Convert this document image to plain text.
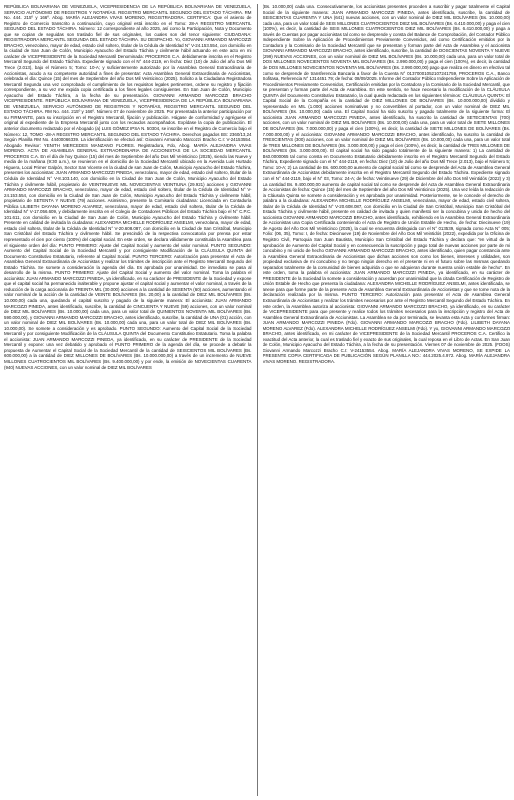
REPÚBLICA BOLIVARIANA DE VENEZUELA, VICEPRESIDENCIA DE LA REPÚBLICA BOLIVARIANA DE VENEZUELA, SERVICIO AUTÓNOMO DE REGISTROS Y NOTARÍAS. REGISTRO MERCANTIL SEGUNDO DEL ESTADO TÁCHIRA. RM No. 444. 215º y 166º. Abog. MARÍA ALEJANDRA VIVAS MORENO, REGISTRADORA. CERTIFICA: Que el asiento de Registro de Comercio transcrito a continuación, cuyo original está inscrito en el Tomo: 28-A REGISTRO MERCANTIL SEGUNDO DEL ESTADO TÁCHIRA. Número: 12 correspondiente al año 2025, así como la Participación, Nota y Documento que se copian de seguidas son traslado fiel de sus originales, los cuales son del tenor siguiente: CIUDADANA: REGISTRADORA MERCANTIL SEGUNDA DEL ESTADO TÁCHIRA. SU DESPACHO. Yo, GIOVANNI ARMANDO MARCOZZI BRACHO, venezolano, mayor de edad, estado civil soltero, titular de la Cédula de Identidad N° V-24.153.554, con domicilio en la ciudad de San Juan de Colón, Municipio Ayacucho del Estado Táchira y civilmente hábil actuando en este acto en mi carácter de VICEPRESIDENTE de la Sociedad Mercantil Denominada: PROCEROS C.A. debidamente inscrita en el Registro Mercantil Segundo del Estado Táchira. Expediente signado con el N° 444-2119, en fecha: Diez (10) de Julio del año Dos Mil Trece (2.013), bajo el Número 5; Tomo: 10-A; y suficientemente autorizado por la Asamblea General Extraordinaria de Accionistas, acudo a su competente autoridad a fines de presentar: Acta Asamblea General Extraordinaria de Accionistas, celebrada el día: Quince (15) del mes de Septiembre del año Dos Mil Veinticinco (2025). Solicito a la Ciudadana Registradora Mercantil Segunda una vez comprobado el cumplimiento de los requisitos legales pertinentes, ordene su registro y fijación correspondiente, a su vez me expida copia certificada a los fines legales consiguientes. En San Juan de Colón, Municipio Ayacucho del Estado Táchira, a la fecha de su presentación. GIOVANNI ARMANDO MARCOZZI BRACHO VICEPRESIDENTE. REPÚBLICA BOLIVARIANA DE VENEZUELA, VICEPRESIDENCIA DE LA REPÚBLICA BOLIVARIANA DE VENEZUELA, SERVICIO AUTÓNOMO DE REGISTROS Y NOTARÍAS, REGISTRO MERCANTIL SEGUNDO DEL ESTADO TÁCHIRA. RM No. 444. 215º y 166º. Número 07 de noviembre de 2025. Por presentada la anterior participación por su FIRMANTE, para su inscripción en el Registro Mercantil, fijación y publicación. Hágase de conformidad y agréguese el original al expediente de la Empresa Mercantil junto con los recaudos acompañados. Expídase la copia de publicación. El anterior documento redactado por el Abogado (a) LUIS GÓMEZ IPSA N. 50304, se inscribe en el Registro de Comercio bajo el Número: 12, TOMO -28-A REGISTRO MERCANTIL SEGUNDO DEL ESTADO TÁCHIRA. Derechos pagados BS: 2360/13,24 Según Planilla RM No. 44400066339. La identificación se efectuó así: Giovanni Armando Marcozzi Bracho C.I: V-24153554. Abogado Revisor: YENITH MERCEDES MANZANO FLORES. Registradora, Fdo, Abog. MARÍA ALEJANDRA VIVAS MORENO. ACTA DE ASAMBLEA GENERAL EXTRAORDINARIA DE ACCIONISTAS DE LA SOCIEDAD MERCANTIL PROCEROS C.A. En el día de hoy Quince (15) del mes de Septiembre del año Dos Mil Veinticinco (2025), siendo las Nueve y media de la mañana (9:30 a.m.), se reunieron en el domicilio de la Sociedad Mercantil ubicado en la Avenida Luis Hurtado Higuera, Local Primer Galpón, Sector San Vicente en la ciudad de san Juan de Colón, Municipio Ayacucho del Estado Táchira, presentes los accionistas: JUAN ARMANDO MARCOZZI PINEDA, venezolano, mayor de edad, estado civil soltero, titular de la Cédula de Identidad N° V-8.103.140, con domicilio en la Ciudad de San Juan de Colón, Municipio Ayacucho del Estado Táchira y civilmente hábil, propietario de VEINTINUEVE MIL NOVECIENTAS VEINTIUNA (29.921) acciones y GIOVANNI ARMANDO MARCOZZI BRACHO, venezolano, mayor de edad, estado civil soltero, titular de la Cédula de Identidad N° V-24.153.554, con domicilio en la Ciudad de San Juan de Colón, Municipio Ayacucho del Estado Táchira y civilmente hábil, propietario de SETENTA Y NUEVE (79) acciones. Asimismo, presente la Comisario ciudadana: Licenciada en Contaduría Pública LILIBETH DAYANA MORENO ALVAREZ, venezolana, mayor de edad, estado civil soltera, titular de la Cédula de Identidad N° V-17.056.609, y debidamente inscrita en el Colegio de Contadores Públicos del Estado Táchira bajo el N° C.P.C. 101.611, con domicilio en la Ciudad de San Juan de Colón, Municipio Ayacucho del Estado Táchira y civilmente hábil. Presente en calidad de invitada la ciudadana: ALEXANDRA MICHELLE RODRÍGUEZ ANSELMI, venezolana, mayor de edad, estado civil soltera, titular de la Cédula de Identidad N° V-20.608.087, con domicilio en la Ciudad de San Cristóbal, Municipio San Cristóbal del Estado Táchira y civilmente hábil. Se prescindió de la respectiva convocatoria por prensa por estar representado el cien por ciento (100%) del capital social. En este orden, se declara válidamente constituida la Asamblea para el siguiente orden del día: PUNTO PRIMERO: Ajuste del Capital Social y aumento del valor nominal. PUNTO SEGUNDO: Aumento del Capital Social de la Sociedad Mercantil y por consiguiente Modificación de la CLÁUSULA QUINTA del Documento Constitutivo Estatutario, referente al Capital Social. PUNTO TERCERO: Autorización para presentar el Acta de Asamblea General Extraordinaria de Accionistas y realizar los trámites de inscripción ante el Registro Mercantil Segundo del Estado Táchira. Se somete a consideración la agenda del día. Es aprobada por unanimidad. De inmediato se pasa al desarrollo de la misma. PUNTO PRIMERO: Ajuste del Capital Social y aumento del valor nominal. Toma la palabra el accionista: JUAN ARMANDO MARCOZZI PINEDA, ya identificado, en su carácter de PRESIDENTE de la Sociedad y expone que el capital social ha permanecido inalterable y propone ajustar el capital social y aumentar el valor nominal, a través de la reducción de la carga accionaria de TREINTA MIL (30.000) acciones a la cantidad de SESENTA (60) acciones, aumentando el valor nominal de la acción de la cantidad de VEINTE BOLÍVARES (Bs. 20,00) a la cantidad de DIEZ MIL BOLÍVARES (Bs. 10.000,00) cada una, quedando el capital suscrito y pagado de la siguiente manera: El accionista: JUAN ARMANDO MARCOZZI PINEDA, antes identificado, suscribe, la cantidad de CINCUENTA Y NUEVE (59) acciones, con un valor nominal de DIEZ MIL BOLÍVARES (Bs. 10.000,00) cada una, para un valor total de QUINIENTOS NOVENTA MIL BOLÍVARES (Bs. 590.000,00), y GIOVANNI ARMANDO MARCOZZI BRACHO, antes identificado, suscribe, la cantidad de UNA (01) acción, con un valor nominal de DIEZ MIL BOLÍVARES (Bs. 10.000,00) cada una, para un valor total de DIEZ MIL BOLÍVARES (Bs. 10.000,00). Se somete a consideración y es aprobado. PUNTO SEGUNDO: Aumento del Capital Social de la Sociedad Mercantil y por consiguiente Modificación de la CLÁUSULA QUINTA del Documento Constitutivo Estatutario. Toma la palabra el accionista: JUAN ARMANDO MARCOZZI PINEDA, ya identificado, en su carácter de PRESIDENTE de la Sociedad Mercantil y expone: una vez debatido y aprobado el PUNTO PRIMERO de la agenda del día, se procede a debatir la propuesta de Aumentar el Capital Social de la Sociedad Mercantil de la cantidad de SEISCIENTOS MIL BOLÍVARES (Bs. 600.000,00) a la cantidad de DIEZ MILLONES DE BOLÍVARES (Bs. 10.000.000,00) a través de un incremento de NUEVE MILLONES CUATROCIENTOS MIL BOLÍVARES (Bs. 9.400.000,00) y por ende, la emisión de NOVECIENTAS CUARENTA (940) NUEVAS ACCIONES, con un valor nominal de DIEZ MIL BOLÍVARES
(Bs. 10.000,00) cada una. Consecutivamente, los accionistas presentes proceden a suscribir y pagar totalmente el Capital Social de la siguiente manera: JUAN ARMANDO MARCOZZI PINEDA, antes identificado, suscribe, la cantidad de SEISCIENTAS CUARENTA Y UNA (641) nuevas acciones, con un valor nominal de DIEZ MIL BOLÍVARES (Bs. 10.000,00) cada una, para un valor total de SEIS MILLONES CUATROCIENTOS DIEZ MIL BOLÍVARES (Bs. 6.410.000,00) y paga el cien (100%), es decir, la cantidad de SEIS MILLONES CUATROCIENTOS DIEZ MIL BOLÍVARES (Bs. 6.410.000,00) y paga a través de Cuentas por pagar accionistas tal como se desprende y consta del Balance de Comprobación, del Contador Público Independiente Sobre la Aplicación de Procedimientos Previamente Convenidos, así como Certificación emitidos por la Contadora y la Comisario de la Sociedad Mercantil que se presentan y forman parte del Acta de Asamblea y el accionista GIOVANNI ARMANDO MARCOZZI BRACHO, antes identificado, suscribe, la cantidad de DOSCIENTAS NOVENTA Y NUEVE (299) NUEVAS ACCIONES, con un valor nominal de DIEZ MIL BOLÍVARES (Bs. 10.000,00) cada una, para un valor total de DOS MILLONES NOVECIENTOS NOVENTA MIL BOLÍVARES (Bs. 2.990.000,00) y paga el cien (100%), es decir, la cantidad de DOS MILLONES NOVECIENTOS NOVENTA MIL BOLÍVARES (Bs. 2.990.000,00) pago que realiza en dinero en efectivo tal como se desprende de transferencia Bancaria a favor de la Cuenta N° 01370001052107241759, PROCEROS C.A., Banco Sofitasa, Referencia N° 1314451 79; de fecha: 08/09/2025. Informe del Contador Público Independiente Sobre la Aplicación de Procedimientos Previamente Convenidos, Certificación emitidas por la Contadora y la Comisario de la Sociedad Mercantil, que se presentan y forman parte del Acta de Asamblea. En este sentido, se hace necesario la modificación de la CLÁUSULA QUINTA del Documento Constitutivo Estatutario, la cual queda redactada en los siguientes términos: CLÁUSULA QUINTA: El Capital Social de la Compañía es la cantidad de DIEZ MILLONES DE BOLÍVARES (Bs. 10.000.000,00) dividido y representado en MIL (1.000) acciones nominativas y no convertibles al portador, con un valor nominal de DIEZ MIL BOLÍVARES (Bs. 10.000,00) cada una. El Capital Social ha sido suscrito y pagado totalmente de la siguiente forma: El accionista JUAN ARMANDO MARCOZZI PINEDA, antes identificado, ha suscrito la cantidad de SETECIENTAS (700) acciones, con un valor nominal de DIEZ MIL BOLÍVARES (Bs. 10.000,00) cada una, para un valor total de SIETE MILLONES DE BOLÍVARES (Bs. 7.000.000,00) y paga el cien (100%), es decir, la cantidad de SIETE MILLONES DE BOLÍVARES (Bs. 7.000.000,00) y el accionista: GIOVANNI ARMANDO MARCOZZI BRACHO, antes identificado, ha suscrito la cantidad de TRESCIENTAS (300) acciones, con un valor nominal de DIEZ MIL BOLÍVARES (Bs. 10.000,00) cada una, para un valor total de TRES MILLONES DE BOLÍVARES (Bs. 3.000.000,00) y paga el cien (100%), es decir, la cantidad de TRES MILLONES DE BOLÍVARES (Bs. 3.000.000,00). El capital social ha sido pagado totalmente de la siguiente manera: 1) La cantidad de Bs0.0000065 tal como consta en Documento Estatutario debidamente inscrito en el Registro Mercantil Segundo del Estado Táchira, Expediente signado con el N° 444-2119, en fecha: Diez (10) de Julio del año Dos Mil Trece (2.013), bajo el Número 5; Tomo: 10-A; 2) La cantidad de Bs. 600.000,00 aumento de capital social tal como se desprende del Acta de Asamblea General Extraordinaria de Accionistas debidamente inscrita en el Registro Mercantil Segundo del Estado Táchira. Expediente signado con el N° 444-2119, bajo el N° 03, Tomo: 24-A; de fecha: Veintinueve (29) de Diciembre del año Dos Mil Veintidós (2022) y 3) La cantidad Bs. 9.400.000,00 aumento de capital social tal como se desprende del Acta de Asamblea General Extraordinaria de Accionistas de fecha: Quince (15) del mes de Septiembre del año Dos Mil Veinticinco (2025). Una vez leída la redacción de la Cláusula Quinta se somete a consideración y es aprobada por unanimidad. Posteriormente, se le concede el derecho de palabra a la ciudadana: ALEXANDRA MICHELLE RODRÍGUEZ ANSELMI, venezolana, mayor de edad, estado civil soltera, titular de la Cédula de Identidad N° V-20.608.087, con domicilio en la Ciudad de San Cristóbal, Municipio San Cristóbal del Estado Táchira y civilmente hábil, presente en calidad de invitada y quien manifestó ser la concubina y unida de hecho del accionista GIOVANNI ARMANDO MARCOZZI BRACHO, antes identificado, exhibiendo en la Asamblea General Extraordinaria de Accionistas una Copia Certificada conteniendo el Acta de Registro de Unión Estable de Hecho, de fecha: Diecinueve (19) de Agosto del Año Dos Mil Veinticinco (2025), la cual se encuentra distinguida con el N° 013539, signada como Acta N° 005; Folio: (06, 35), Tomo: I, de fecha: Diecinueve (19) de Noviembre del Año Dos Mil Veintidós (2022), expedida por la Oficina de Registro Civil, Parroquia San Juan Bautista, Municipio San Cristóbal del Estado Táchira y declara que: "en virtud de la aprobación de Aumento del Capital Social y en consecuencia la suscripción y pago total de nuevas acciones por parte de mi concubino y mi unido de hecho GIOVANNI ARMANDO MARCOZZI BRACHO, antes identificado, quien pagar constancia ante la Asamblea General Extraordinaria de Accionistas que dichas acciones son como los bienes, intereses y utilidades, son propiedad exclusiva de mi concubino y no tengo ningún derecho en el presente ni en el futuro sobre las mismas quedando separados totalmente de la comunidad de bienes adquirida o que se adquieran durante nuestra unión estable de hecho". En este orden, toma la palabra el accionista: JUAN ARMANDO MARCOZZI PINEDA, ya identificado, en su carácter de PRESIDENTE de la Sociedad la somete a consideración y acuerdan por unanimidad que la citada Certificación de Registro de Unión Estable de Hecho que presenta la ciudadana: ALEXANDRA MICHELLE RODRÍGUEZ ANSELMI, antes identificada, se anexe para que forme parte de la presente Acta de Asamblea General Extraordinaria de Accionistas y que se tome nota de la declaración realizada por la misma. PUNTO TERCERO: Autorización para presentar el Acta de Asamblea General Extraordinaria de Accionistas y realizar los trámites necesarios por ante el Registro Mercantil Segundo del Estado Táchira. En este orden, la Asamblea autoriza al accionista: GIOVANNI ARMANDO MARCOZZI BRACHO, ya identificado, en su carácter de VICEPRESIDENTE para que presente y realice todos los trámites necesarios para la inscripción y registro del Acta de Asamblea General Extraordinaria de Accionistas. La Asamblea se da por terminada, se levanta esta Acta y conformes firman: JUAN ARMANDO MARCOZZI PINEDA (Fdo). GIOVANNI ARMANDO MARCOZZI BRACHO (Fdo). LILIBETH DAYANA MORENO ALVAREZ (Fdo). ALEXANDRA MICHELLE RODRÍGUEZ ANSELMI (Fdo). Y yo, GIOVANNI ARMANDO MARCOZZI BRACHO, antes identificado, en mi carácter de VICEPRESIDENTE de la Sociedad Mercantil PROCEROS C.A. Certifico la exactitud del Acta anterior, la cual es traslado fiel y exacto de sus originales, la cual reposa en el Libro de Actas. En San Juan de Colón, Municipio Ayacucho del Estado Táchira, a la fecha de su presentación. Viernes 07 de noviembre de 2025. (FDOS) Giovanni Armando Marcozzi Bracho C.I: V-24153554. Abog. MARÍA ALEJANDRA VIVAS MORENO, SE EXPIDE LA PRESENTE COPIA CERTIFICADA DE PUBLICACIÓN SEGÚN PLANILLA NO.: 444.2025.4.972. Abog. MARÍA ALEJANDRA VIVAS MORENO. REGISTRADORA.
